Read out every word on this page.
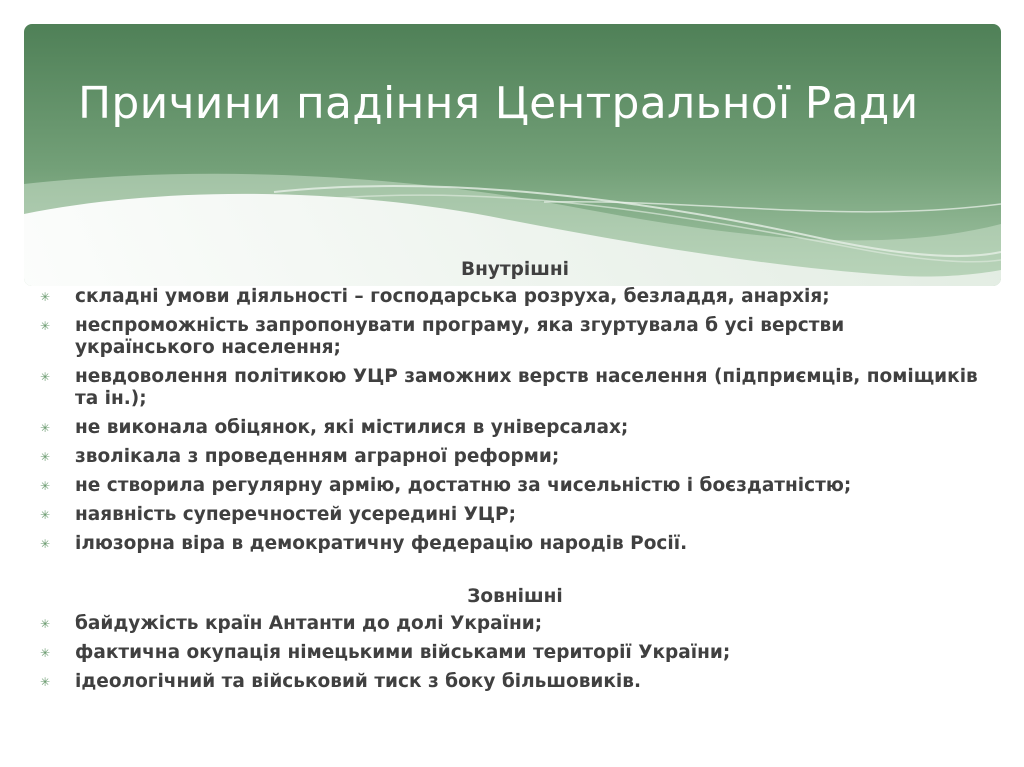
Причини падіння Центральної Ради
Внутрішні
✳ складні умови діяльності – господарська розруха, безладдя, анархія;
✳ неспроможність запропонувати програму, яка згуртувала б усі верстви українського населення;
✳ невдоволення політикою УЦР заможних верств населення (підприємців, поміщиків та ін.);
✳ не виконала обіцянок, які містилися в універсалах;
✳ зволікала з проведенням аграрної реформи;
✳ не створила регулярну армію, достатню за чисельністю і боєздатністю;
✳ наявність суперечностей усередині УЦР;
✳ ілюзорна віра в демократичну федерацію народів Росії.
Зовнішні
✳ байдужість країн Антанти до долі України;
✳ фактична окупація німецькими військами території України;
✳ ідеологічний та військовий тиск з боку більшовиків.
